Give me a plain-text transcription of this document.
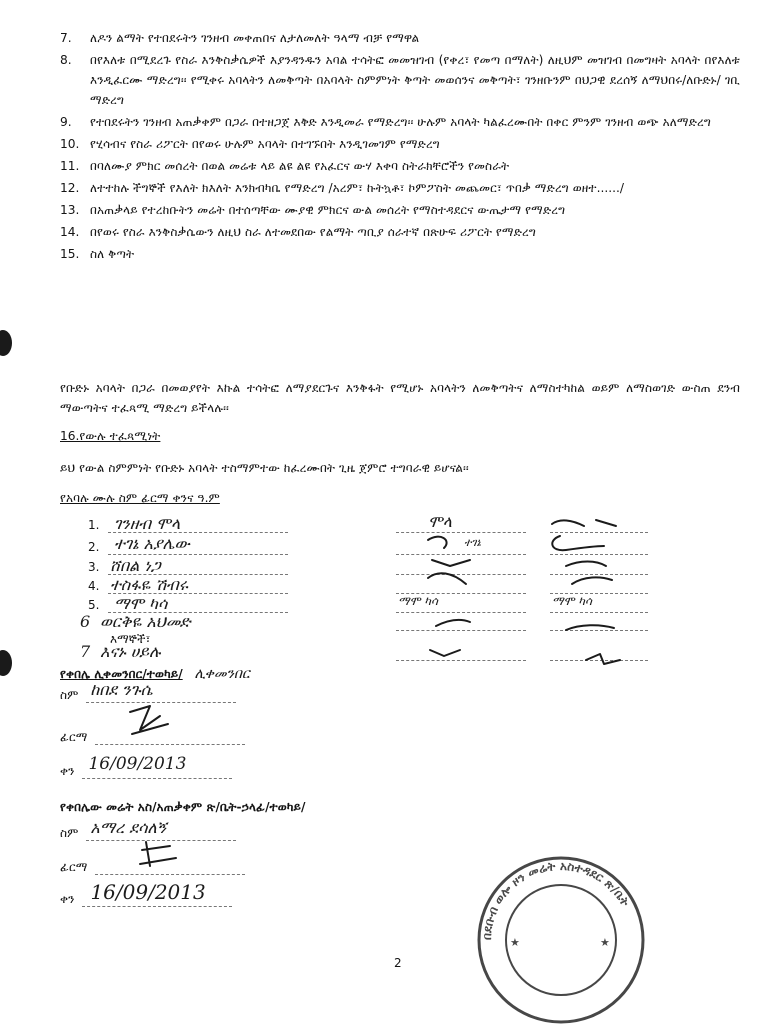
7. ለዶን ልማት የተበደሩትን ገንዘብ መቀጠበና ለታለመለት ዓላማ ብቻ የማዋል
8. በየእለቱ በሚደረጉ የስራ እንቅስቃሴዎች እያንዳንዱን አባል ተሳትፎ መመዝገብ (የቀረ፣ የመጣ በማለት) ለዚህም መዝገብ በመግዛት አባላት በየእለቱ እንዲፈርሙ ማድረግ፡፡ የሚቀሩ አባላትን ለመቅጣት በአባላት ስምምነት ቅጣት መወሰንና መቅጣት፣ ገንዘቡንም በህጋዊ ደረሰኝ ለማህበሩ/ለቡድኑ/ ገቢ ማድረግ
9. የተበደሩትን ገንዘብ አጠቃቀም በጋራ በተዘጋጀ እቅድ እንዲመራ የማድረግ፡፡ ሁሉም አባላት ካልፈረሙበት በቀር ምንም ገንዘብ ወጭ አለማድረግ
10. የሂሳብና የስራ ሪፖርት በየወሩ ሁሉም አባላት በተገኙበት እንዲገመገም የማድረግ
11. በባለሙያ ምክር መሰረት በወል መሬቱ ላይ ልዩ ልዩ የአፈርና ውሃ እቀባ ስትራክቸሮችን የመስራት
12. ለተተከሉ ችግኞች የእለት ክእለት እንክብካቤ የማድረግ /አረም፣ ኩትኳቶ፣ ኮምፖስት መጨመር፣ ጥበቃ ማድረግ ወዘተ....../
13. በአጠቃላይ የተረከቡትን መሬት በተሰጣቸው ሙያዊ ምክርና ውል መሰረት የማስተዳደርና ውጤታማ የማድረግ
14. በየወሩ የስራ እንቅስቃሴውን ለዚህ ስራ ለተመደበው የልማት ጣቢያ ሰራተኛ በጽሁፍ ሪፖርት የማድረግ
15. ስለ ቅጣት
የቡድኑ አባላት በጋራ በመወያየት እኩል ተሳትፎ ለማያደርጉና እንቅፋት የሚሆኑ አባላትን ለመቅጣትና ለማስተካከል ወይም ለማስወገድ ውስጠ ደንብ ማውጣትና ተፈጻሚ ማድረግ ይችላሉ፡፡
16.የውሉ ተፈጻሚነት
ይህ የውል ስምምነት የቡድኑ አባላት ተስማምተው ከፈረሙበት ጊዜ ጀምሮ ተግባራዊ ይሆናል፡፡
የአባሉ ሙሉ ስም ፊርማ ቀንና ዓ.ም
1. ገንዘብ ሞላ	ሞላ
2. ተገኔ አያሌው	ተገኔ
3. ሸበል ነጋ
4. ተስፋዬ ሽብሩ
5. ማሞ ካሳ	ማሞ ካሳ	ማሞ ካሳ
6 ወርቅዬ አህመድ
እማኞች፣
7 እናኑ ሀይሉ
የቀበሌ ሊቀመንበር/ተወካይ/ ሊቀመንበር
ስም ከበደ ንጉሴ

ፊርማ
ቀን 16/09/2013

የቀበሌው መሬት አስ/አጠቃቀም ጽ/ቤት-ኃላፊ/ተወካይ/
ስም አማረ ደሳለኝ

ፊርማ
ቀን 16/09/2013

በደቡብ ወሎ ዞን መሬት አስተዳደር ጽ/ቤት
★	★
2
